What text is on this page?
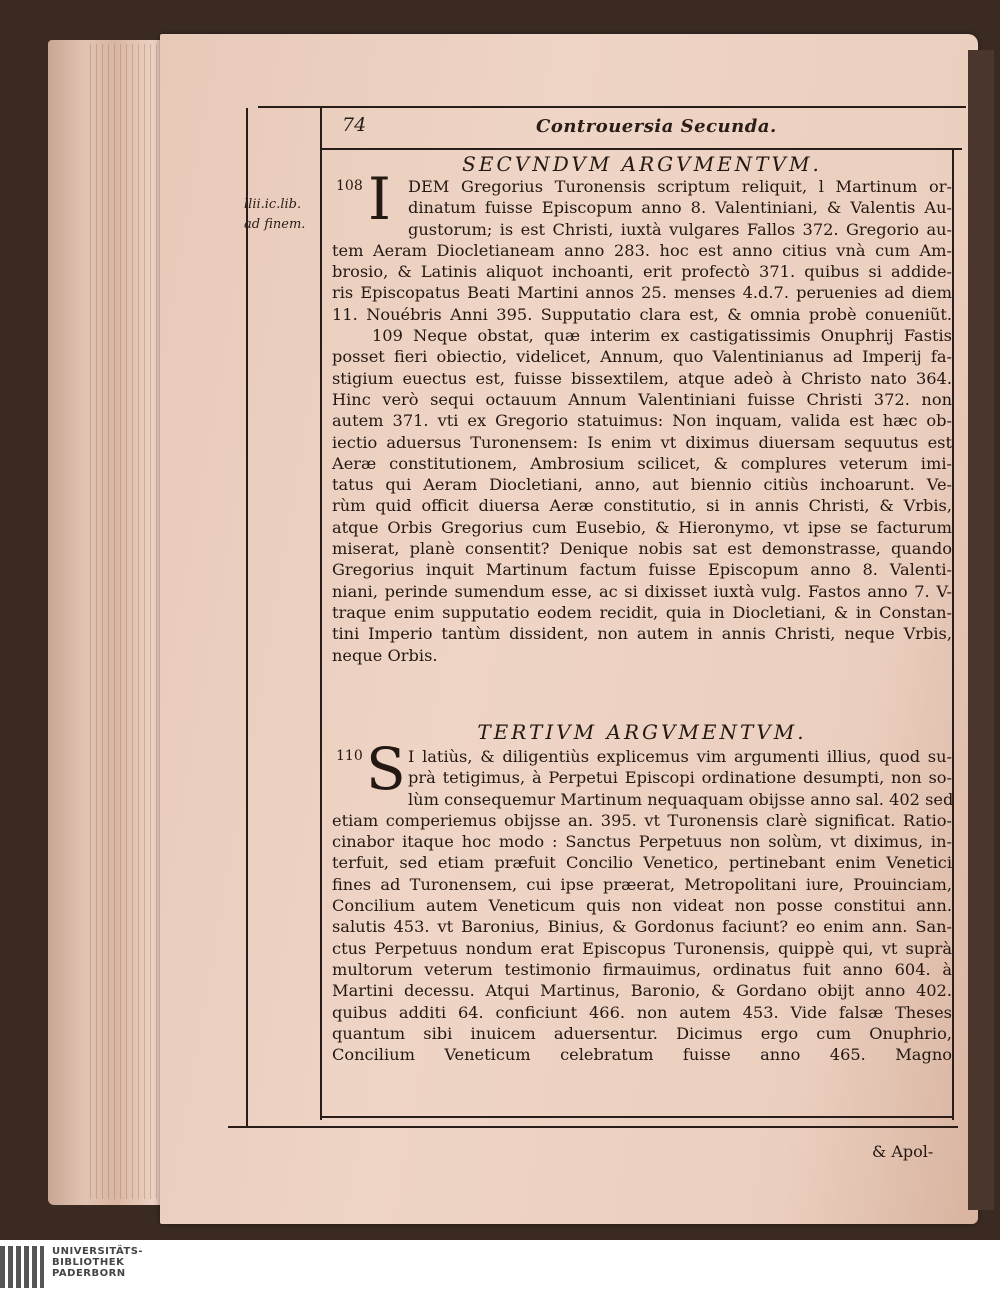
llii.ic.lib.
ad finem.
74	Controuersia Secunda.
SECVNDVM ARGVMENTVM.
108 I	DEM Gregorius Turonensis scriptum reliquit, l Martinum or-
dinatum fuisse Episcopum anno 8. Valentiniani, & Valentis Au-
gustorum; is est Christi, iuxtà vulgares Fallos 372. Gregorio au-
tem Aeram Diocletianeam anno 283. hoc est anno citius vnà cum Am-
brosio, & Latinis aliquot inchoanti, erit profectò 371. quibus si addide-
ris Episcopatus Beati Martini annos 25. menses 4.d.7. peruenies ad diem
11. Nouébris Anni 395. Supputatio clara est, & omnia probè conueniũt.
109 Neque obstat, quæ interim ex castigatissimis Onuphrij Fastis
posset fieri obiectio, videlicet, Annum, quo Valentinianus ad Imperij fa-
stigium euectus est, fuisse bissextilem, atque adeò à Christo nato 364.
Hinc verò sequi octauum Annum Valentiniani fuisse Christi 372. non
autem 371. vti ex Gregorio statuimus: Non inquam, valida est hæc ob-
iectio aduersus Turonensem: Is enim vt diximus diuersam sequutus est
Aeræ constitutionem, Ambrosium scilicet, & complures veterum imi-
tatus qui Aeram Diocletiani, anno, aut biennio citiùs inchoarunt. Ve-
rùm quid officit diuersa Aeræ constitutio, si in annis Christi, & Vrbis,
atque Orbis Gregorius cum Eusebio, & Hieronymo, vt ipse se facturum
miserat, planè consentit? Denique nobis sat est demonstrasse, quando
Gregorius inquit Martinum factum fuisse Episcopum anno 8. Valenti-
niani, perinde sumendum esse, ac si dixisset iuxtà vulg. Fastos anno 7. V-
traque enim supputatio eodem recidit, quia in Diocletiani, & in Constan-
tini Imperio tantùm dissident, non autem in annis Christi, neque Vrbis,
neque Orbis.
TERTIVM ARGVMENTVM.
110 S I latiùs, & diligentiùs explicemus vim argumenti illius, quod su-
prà tetigimus, à Perpetui Episcopi ordinatione desumpti, non so-
lùm consequemur Martinum nequaquam obijsse anno sal. 402 sed
etiam comperiemus obijsse an. 395. vt Turonensis clarè significat. Ratio-
cinabor itaque hoc modo : Sanctus Perpetuus non solùm, vt diximus, in-
terfuit, sed etiam præfuit Concilio Venetico, pertinebant enim Venetici
fines ad Turonensem, cui ipse præerat, Metropolitani iure, Prouinciam,
Concilium autem Veneticum quis non videat non posse constitui ann.
salutis 453. vt Baronius, Binius, & Gordonus faciunt? eo enim ann. San-
ctus Perpetuus nondum erat Episcopus Turonensis, quippè qui, vt suprà
multorum veterum testimonio firmauimus, ordinatus fuit anno 604. à
Martini decessu. Atqui Martinus, Baronio, & Gordano obijt anno 402.
quibus additi 64. conficiunt 466. non autem 453. Vide falsæ Theses
quantum sibi inuicem aduersentur. Dicimus ergo cum Onuphrio,
Concilium Veneticum celebratum fuisse anno 465. Magno
& Apol-
UNIVERSITÄTS-
BIBLIOTHEK
PADERBORN
